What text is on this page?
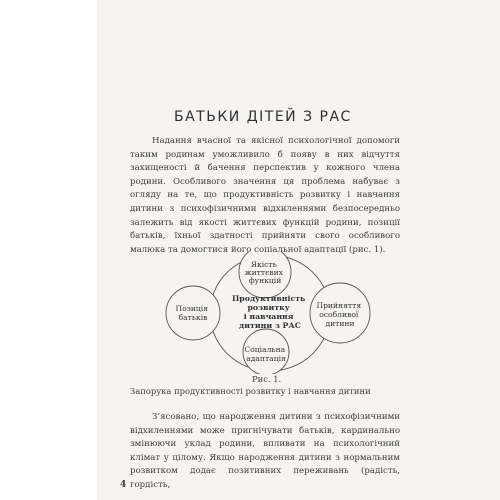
БАТЬКИ ДІТЕЙ З РАС
Надання вчасної та якісної психологічної допомоги таким родинам уможливило б появу в них відчуття захищеності й бачення перспектив у кожного члена родини. Особливого значення ця проблема набуває з огляду на те, що продуктивність розвитку і навчання дитини з психофізичними відхиленнями безпосередньо залежить від якості життєвих функцій родини, позиції батьків, їхньої здатності прийняти свого особливого малюка та домогтися його соціальної адаптації (рис. 1).
Продуктивність розвитку і навчання дитини з РАС
Якість життєвих функцій
Позиція батьків
Прийняття особливої дитини
Соціальна адаптація
Рис. 1.
Запорука продуктивності розвитку і навчання дитини
З’ясовано, що народження дитини з психофізичними відхиленнями може пригнічувати батьків, кардинально змінюючи уклад родини, впливати на психологічний клімат у цілому. Якщо народження дитини з нормальним розвитком додає позитивних переживань (радість, гордість,
4
